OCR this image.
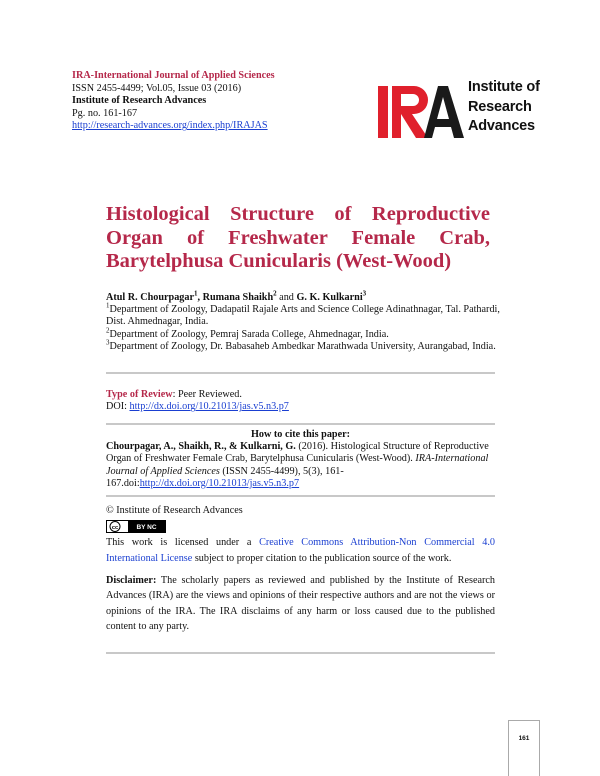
IRA-International Journal of Applied Sciences
ISSN 2455-4499; Vol.05, Issue 03 (2016)
Institute of Research Advances
Pg. no. 161-167
http://research-advances.org/index.php/IRAJAS
Institute of
Research
Advances
Histological Structure of Reproductive Organ of Freshwater Female Crab, Barytelphusa Cunicularis (West-Wood)
Atul R. Chourpagar$^1$, Rumana Shaikh$^2$ and G. K. Kulkarni$^3$
$^1$Department of Zoology, Dadapatil Rajale Arts and Science College Adinathnagar, Tal. Pathardi, Dist. Ahmednagar, India.
$^2$Department of Zoology, Pemraj Sarada College, Ahmednagar, India.
$^3$Department of Zoology, Dr. Babasaheb Ambedkar Marathwada University, Aurangabad, India.
Type of Review: Peer Reviewed.
DOI: http://dx.doi.org/10.21013/jas.v5.n3.p7
How to cite this paper:
Chourpagar, A., Shaikh, R., & Kulkarni, G. (2016). Histological Structure of Reproductive Organ of Freshwater Female Crab, Barytelphusa Cunicularis (West-Wood). IRA-International Journal of Applied Sciences (ISSN 2455-4499), 5(3), 161-167.doi:http://dx.doi.org/10.21013/jas.v5.n3.p7
© Institute of Research Advances
cc	BY NC
This work is licensed under a Creative Commons Attribution-Non Commercial 4.0 International License subject to proper citation to the publication source of the work.
Disclaimer: The scholarly papers as reviewed and published by the Institute of Research Advances (IRA) are the views and opinions of their respective authors and are not the views or opinions of the IRA. The IRA disclaims of any harm or loss caused due to the published content to any party.
161
